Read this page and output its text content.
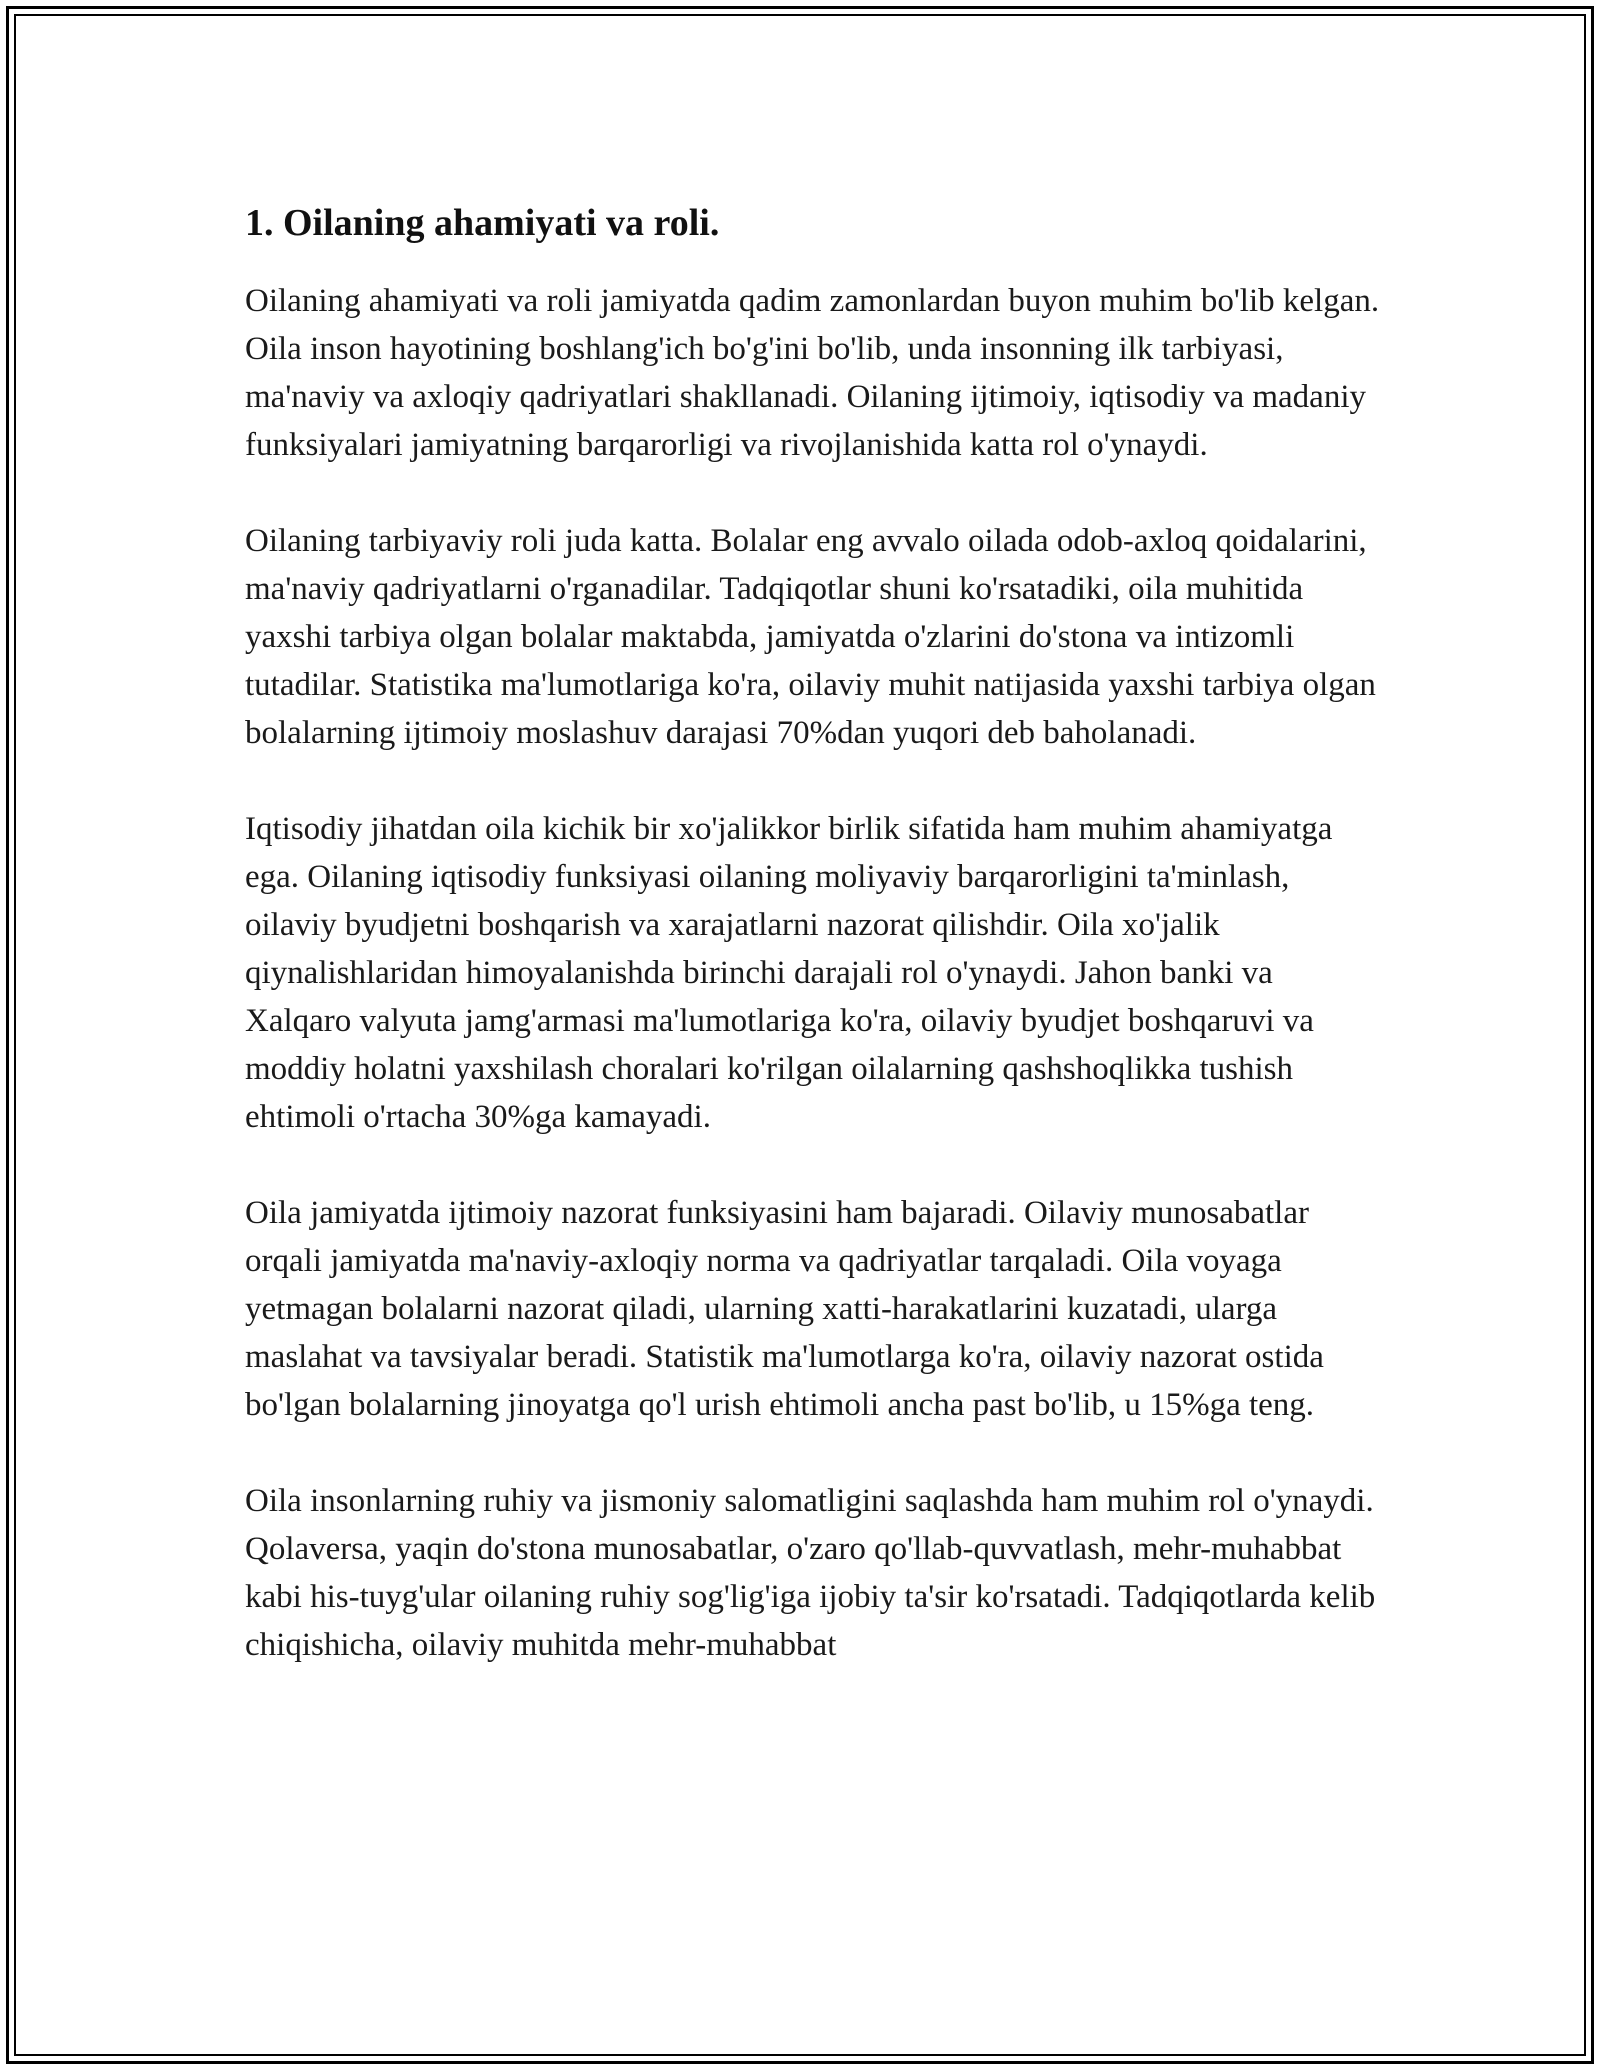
1. Oilaning ahamiyati va roli.

Oilaning ahamiyati va roli jamiyatda qadim zamonlardan buyon muhim bo'lib kelgan. Oila inson hayotining boshlang'ich bo'g'ini bo'lib, unda insonning ilk tarbiyasi, ma'naviy va axloqiy qadriyatlari shakllanadi. Oilaning ijtimoiy, iqtisodiy va madaniy funksiyalari jamiyatning barqarorligi va rivojlanishida katta rol o'ynaydi.

Oilaning tarbiyaviy roli juda katta. Bolalar eng avvalo oilada odob-axloq qoidalarini, ma'naviy qadriyatlarni o'rganadilar. Tadqiqotlar shuni ko'rsatadiki, oila muhitida yaxshi tarbiya olgan bolalar maktabda, jamiyatda o'zlarini do'stona va intizomli tutadilar. Statistika ma'lumotlariga ko'ra, oilaviy muhit natijasida yaxshi tarbiya olgan bolalarning ijtimoiy moslashuv darajasi 70%dan yuqori deb baholanadi.

Iqtisodiy jihatdan oila kichik bir xo'jalikkor birlik sifatida ham muhim ahamiyatga ega. Oilaning iqtisodiy funksiyasi oilaning moliyaviy barqarorligini ta'minlash, oilaviy byudjetni boshqarish va xarajatlarni nazorat qilishdir. Oila xo'jalik qiynalishlaridan himoyalanishda birinchi darajali rol o'ynaydi. Jahon banki va Xalqaro valyuta jamg'armasi ma'lumotlariga ko'ra, oilaviy byudjet boshqaruvi va moddiy holatni yaxshilash choralari ko'rilgan oilalarning qashshoqlikka tushish ehtimoli o'rtacha 30%ga kamayadi.

Oila jamiyatda ijtimoiy nazorat funksiyasini ham bajaradi. Oilaviy munosabatlar orqali jamiyatda ma'naviy-axloqiy norma va qadriyatlar tarqaladi. Oila voyaga yetmagan bolalarni nazorat qiladi, ularning xatti-harakatlarini kuzatadi, ularga maslahat va tavsiyalar beradi. Statistik ma'lumotlarga ko'ra, oilaviy nazorat ostida bo'lgan bolalarning jinoyatga qo'l urish ehtimoli ancha past bo'lib, u 15%ga teng.

Oila insonlarning ruhiy va jismoniy salomatligini saqlashda ham muhim rol o'ynaydi. Qolaversa, yaqin do'stona munosabatlar, o'zaro qo'llab-quvvatlash, mehr-muhabbat kabi his-tuyg'ular oilaning ruhiy sog'lig'iga ijobiy ta'sir ko'rsatadi. Tadqiqotlarda kelib chiqishicha, oilaviy muhitda mehr-muhabbat
